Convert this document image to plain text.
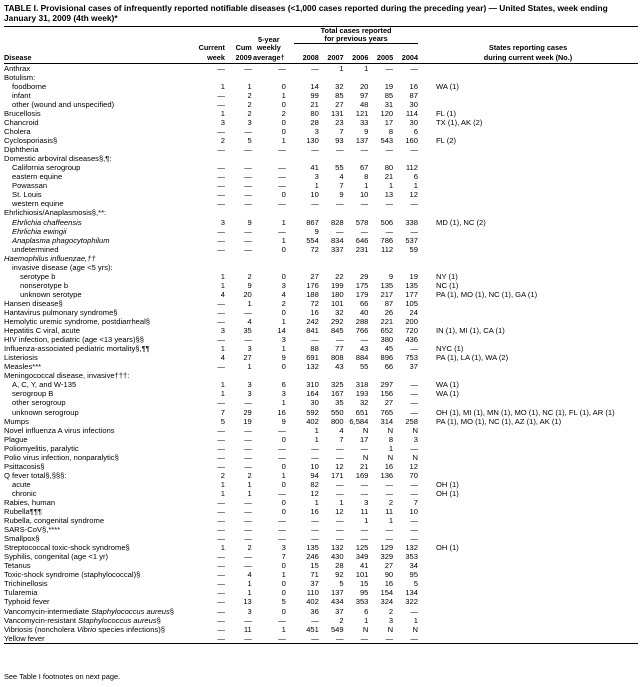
TABLE I. Provisional cases of infrequently reported notifiable diseases (<1,000 cases reported during the preceding year) — United States, week ending January 31, 2009 (4th week)*
			5-year		Total cases reported
for previous years					
	Current	Cum	weekly							States reporting cases
Disease	week	2009	average†		2008	2007	2006	2005	2004	during current week (No.)
Anthrax	—	—	—		—	1	1	—	—	
Botulism:										
foodborne	1	1	0		14	32	20	19	16	WA (1)
infant	—	2	1		99	85	97	85	87	
other (wound and unspecified)	—	2	0		21	27	48	31	30	
Brucellosis	1	2	2		80	131	121	120	114	FL (1)
Chancroid	3	3	0		28	23	33	17	30	TX (1), AK (2)
Cholera	—	—	0		3	7	9	8	6	
Cyclosporiasis§	2	5	1		130	93	137	543	160	FL (2)
Diphtheria	—	—	—		—	—	—	—	—	
Domestic arboviral diseases§,¶:										
California serogroup	—	—	—		41	55	67	80	112	
eastern equine	—	—	—		3	4	8	21	6	
Powassan	—	—	—		1	7	1	1	1	
St. Louis	—	—	0		10	9	10	13	12	
western equine	—	—	—		—	—	—	—	—	
Ehrlichiosis/Anaplasmosis§,**:										
Ehrlichia chaffeensis	3	9	1		867	828	578	506	338	MD (1), NC (2)
Ehrlichia ewingii	—	—	—		9	—	—	—	—	
Anaplasma phagocytophilum	—	—	1		554	834	646	786	537	
undetermined	—	—	0		72	337	231	112	59	
Haemophilus influenzae,††										
invasive disease (age <5 yrs):										
serotype b	1	2	0		27	22	29	9	19	NY (1)
nonserotype b	1	9	3		176	199	175	135	135	NC (1)
unknown serotype	4	20	4		188	180	179	217	177	PA (1), MO (1), NC (1), GA (1)
Hansen disease§	—	1	2		72	101	66	87	105	
Hantavirus pulmonary syndrome§	—	—	0		16	32	40	26	24	
Hemolytic uremic syndrome, postdiarrheal§	—	4	1		242	292	288	221	200	
Hepatitis C viral, acute	3	35	14		841	845	766	652	720	IN (1), MI (1), CA (1)
HIV infection, pediatric (age <13 years)§§	—	—	3		—	—	—	380	436	
Influenza-associated pediatric mortality§,¶¶	1	3	1		88	77	43	45	—	NYC (1)
Listeriosis	4	27	9		691	808	884	896	753	PA (1), LA (1), WA (2)
Measles***	—	1	0		132	43	55	66	37	
Meningococcal disease, invasive†††:										
A, C, Y, and W-135	1	3	6		310	325	318	297	—	WA (1)
serogroup B	1	3	3		164	167	193	156	—	WA (1)
other serogroup	—	—	1		30	35	32	27	—	
unknown serogroup	7	29	16		592	550	651	765	—	OH (1), MI (1), MN (1), MO (1), NC (1), FL (1), AR (1)
Mumps	5	19	9		402	800	6,584	314	258	PA (1), MO (1), NC (1), AZ (1), AK (1)
Novel influenza A virus infections	—	—	—		1	4	N	N	N	
Plague	—	—	0		1	7	17	8	3	
Poliomyelitis, paralytic	—	—	—		—	—	—	1	—	
Polio virus infection, nonparalytic§	—	—	—		—	—	N	N	N	
Psittacosis§	—	—	0		10	12	21	16	12	
Q fever total§,§§§:	2	2	1		94	171	169	136	70	
acute	1	1	0		82	—	—	—	—	OH (1)
chronic	1	1	—		12	—	—	—	—	OH (1)
Rabies, human	—	—	0		1	1	3	2	7	
Rubella¶¶¶	—	—	0		16	12	11	11	10	
Rubella, congenital syndrome	—	—	—		—	—	1	1	—	
SARS-CoV§,****	—	—	—		—	—	—	—	—	
Smallpox§	—	—	—		—	—	—	—	—	
Streptococcal toxic-shock syndrome§	1	2	3		135	132	125	129	132	OH (1)
Syphilis, congenital (age <1 yr)	—	—	7		246	430	349	329	353	
Tetanus	—	—	0		15	28	41	27	34	
Toxic-shock syndrome (staphylococcal)§	—	4	1		71	92	101	90	95	
Trichinellosis	—	1	0		37	5	15	16	5	
Tularemia	—	1	0		110	137	95	154	134	
Typhoid fever	—	13	5		402	434	353	324	322	
Vancomycin-intermediate Staphylococcus aureus§	—	3	0		36	37	6	2	—	
Vancomycin-resistant Staphylococcus aureus§	—	—	—		—	2	1	3	1	
Vibriosis (noncholera Vibrio species infections)§	—	11	1		451	549	N	N	N	
Yellow fever	—	—	—		—	—	—	—	—	
See Table I footnotes on next page.
